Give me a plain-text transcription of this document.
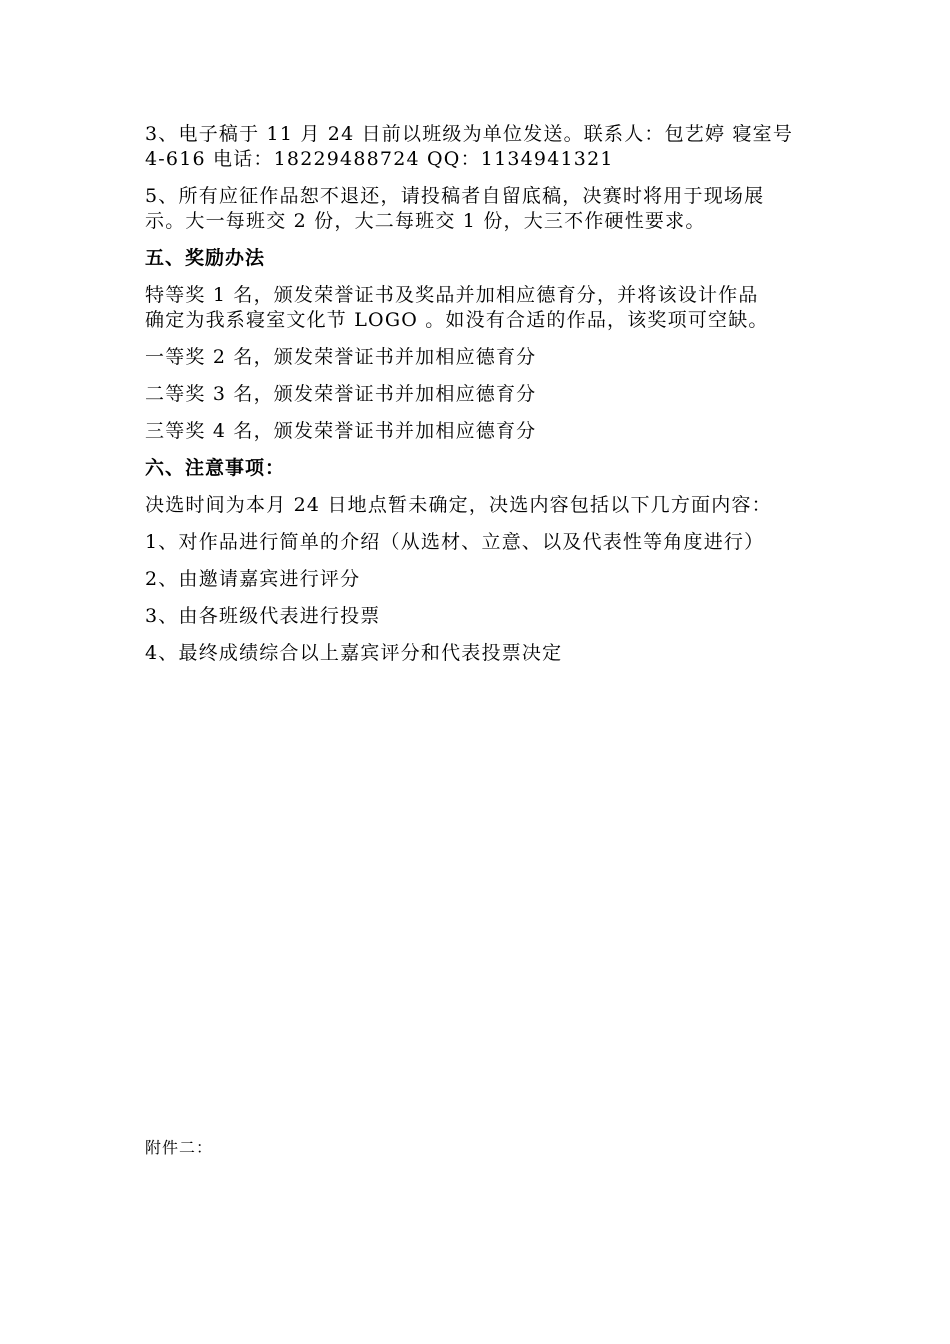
3、电子稿于 11 月 24 日前以班级为单位发送。联系人：包艺婷 寝室号
4-616 电话：18229488724 QQ：1134941321

5、所有应征作品恕不退还，请投稿者自留底稿，决赛时将用于现场展
示。大一每班交 2 份，大二每班交 1 份，大三不作硬性要求。

五、奖励办法

特等奖 1 名，颁发荣誉证书及奖品并加相应德育分，并将该设计作品
确定为我系寝室文化节 LOGO 。如没有合适的作品，该奖项可空缺。

一等奖 2 名，颁发荣誉证书并加相应德育分

二等奖 3 名，颁发荣誉证书并加相应德育分

三等奖 4 名，颁发荣誉证书并加相应德育分

六、注意事项：

决选时间为本月 24 日地点暂未确定，决选内容包括以下几方面内容：

1、对作品进行简单的介绍（从选材、立意、以及代表性等角度进行）

2、由邀请嘉宾进行评分

3、由各班级代表进行投票

4、最终成绩综合以上嘉宾评分和代表投票决定

附件二：
